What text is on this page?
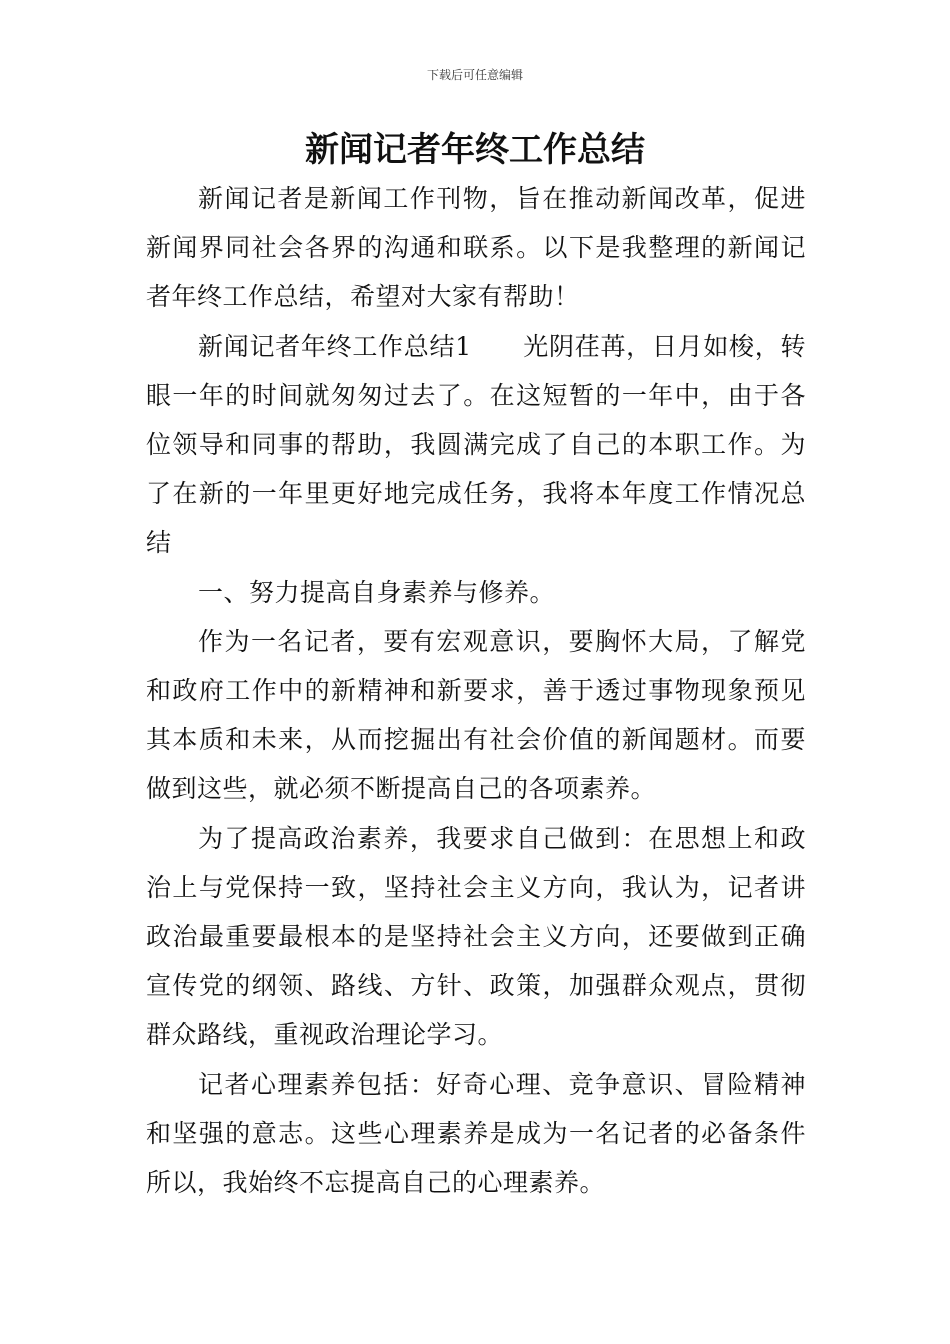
下载后可任意编辑
新闻记者年终工作总结

新闻记者是新闻工作刊物，旨在推动新闻改革，促进新闻界同社会各界的沟通和联系。以下是我整理的新闻记者年终工作总结，希望对大家有帮助！

新闻记者年终工作总结1　　光阴荏苒，日月如梭，转眼一年的时间就匆匆过去了。在这短暂的一年中，由于各位领导和同事的帮助，我圆满完成了自己的本职工作。为了在新的一年里更好地完成任务，我将本年度工作情况总结

一、努力提高自身素养与修养。

作为一名记者，要有宏观意识，要胸怀大局，了解党和政府工作中的新精神和新要求，善于透过事物现象预见其本质和未来，从而挖掘出有社会价值的新闻题材。而要做到这些，就必须不断提高自己的各项素养。

为了提高政治素养，我要求自己做到：在思想上和政治上与党保持一致，坚持社会主义方向，我认为，记者讲政治最重要最根本的是坚持社会主义方向，还要做到正确宣传党的纲领、路线、方针、政策，加强群众观点，贯彻群众路线，重视政治理论学习。

记者心理素养包括：好奇心理、竞争意识、冒险精神和坚强的意志。这些心理素养是成为一名记者的必备条件所以，我始终不忘提高自己的心理素养。
